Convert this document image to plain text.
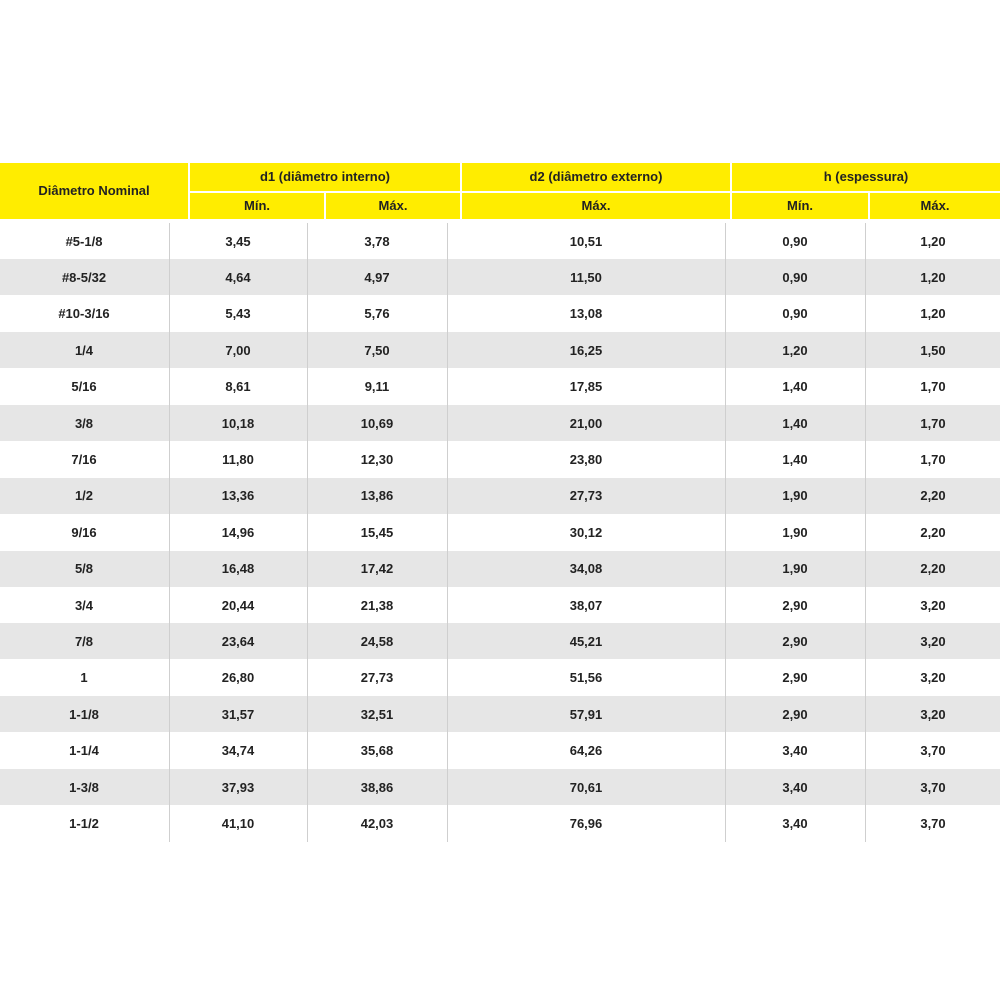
Diâmetro Nominal
d1 (diâmetro interno)
Mín.	Máx.
d2 (diâmetro externo)
Máx.
h (espessura)
Mín.	Máx.
#5-1/8	3,45	3,78	10,51	0,90	1,20
#8-5/32	4,64	4,97	11,50	0,90	1,20
#10-3/16	5,43	5,76	13,08	0,90	1,20
1/4	7,00	7,50	16,25	1,20	1,50
5/16	8,61	9,11	17,85	1,40	1,70
3/8	10,18	10,69	21,00	1,40	1,70
7/16	11,80	12,30	23,80	1,40	1,70
1/2	13,36	13,86	27,73	1,90	2,20
9/16	14,96	15,45	30,12	1,90	2,20
5/8	16,48	17,42	34,08	1,90	2,20
3/4	20,44	21,38	38,07	2,90	3,20
7/8	23,64	24,58	45,21	2,90	3,20
1	26,80	27,73	51,56	2,90	3,20
1-1/8	31,57	32,51	57,91	2,90	3,20
1-1/4	34,74	35,68	64,26	3,40	3,70
1-3/8	37,93	38,86	70,61	3,40	3,70
1-1/2	41,10	42,03	76,96	3,40	3,70
